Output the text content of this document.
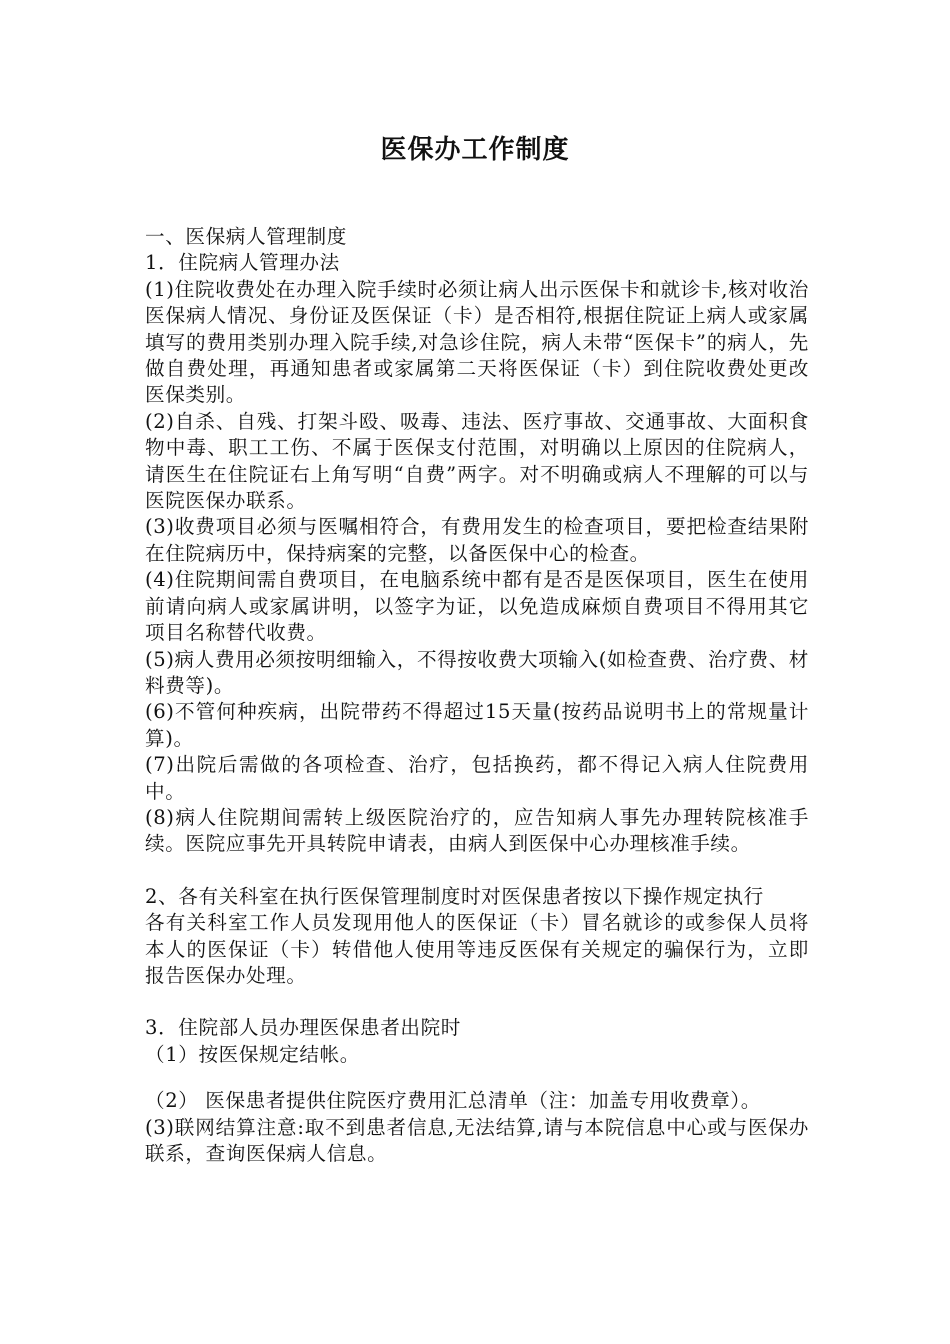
医保办工作制度

一、医保病人管理制度

1．住院病人管理办法

(1)住院收费处在办理入院手续时必须让病人出示医保卡和就诊卡,核对收治医保病人情况、身份证及医保证（卡）是否相符,根据住院证上病人或家属填写的费用类别办理入院手续,对急诊住院，病人未带“医保卡”的病人，先做自费处理，再通知患者或家属第二天将医保证（卡）到住院收费处更改医保类别。

(2)自杀、自残、打架斗殴、吸毒、违法、医疗事故、交通事故、大面积食物中毒、职工工伤、不属于医保支付范围，对明确以上原因的住院病人，请医生在住院证右上角写明“自费”两字。对不明确或病人不理解的可以与医院医保办联系。

(3)收费项目必须与医嘱相符合，有费用发生的检查项目，要把检查结果附在住院病历中，保持病案的完整，以备医保中心的检查。

(4)住院期间需自费项目，在电脑系统中都有是否是医保项目，医生在使用前请向病人或家属讲明，以签字为证，以免造成麻烦自费项目不得用其它项目名称替代收费。

(5)病人费用必须按明细输入，不得按收费大项输入(如检查费、治疗费、材料费等)。

(6)不管何种疾病，出院带药不得超过15天量(按药品说明书上的常规量计算)。

(7)出院后需做的各项检查、治疗，包括换药，都不得记入病人住院费用中。

(8)病人住院期间需转上级医院治疗的，应告知病人事先办理转院核准手续。医院应事先开具转院申请表，由病人到医保中心办理核准手续。

2、各有关科室在执行医保管理制度时对医保患者按以下操作规定执行

各有关科室工作人员发现用他人的医保证（卡）冒名就诊的或参保人员将本人的医保证（卡）转借他人使用等违反医保有关规定的骗保行为，立即报告医保办处理。

3．住院部人员办理医保患者出院时

（1）按医保规定结帐。

（2） 医保患者提供住院医疗费用汇总清单（注：加盖专用收费章）。

(3)联网结算注意:取不到患者信息,无法结算,请与本院信息中心或与医保办联系，查询医保病人信息。
